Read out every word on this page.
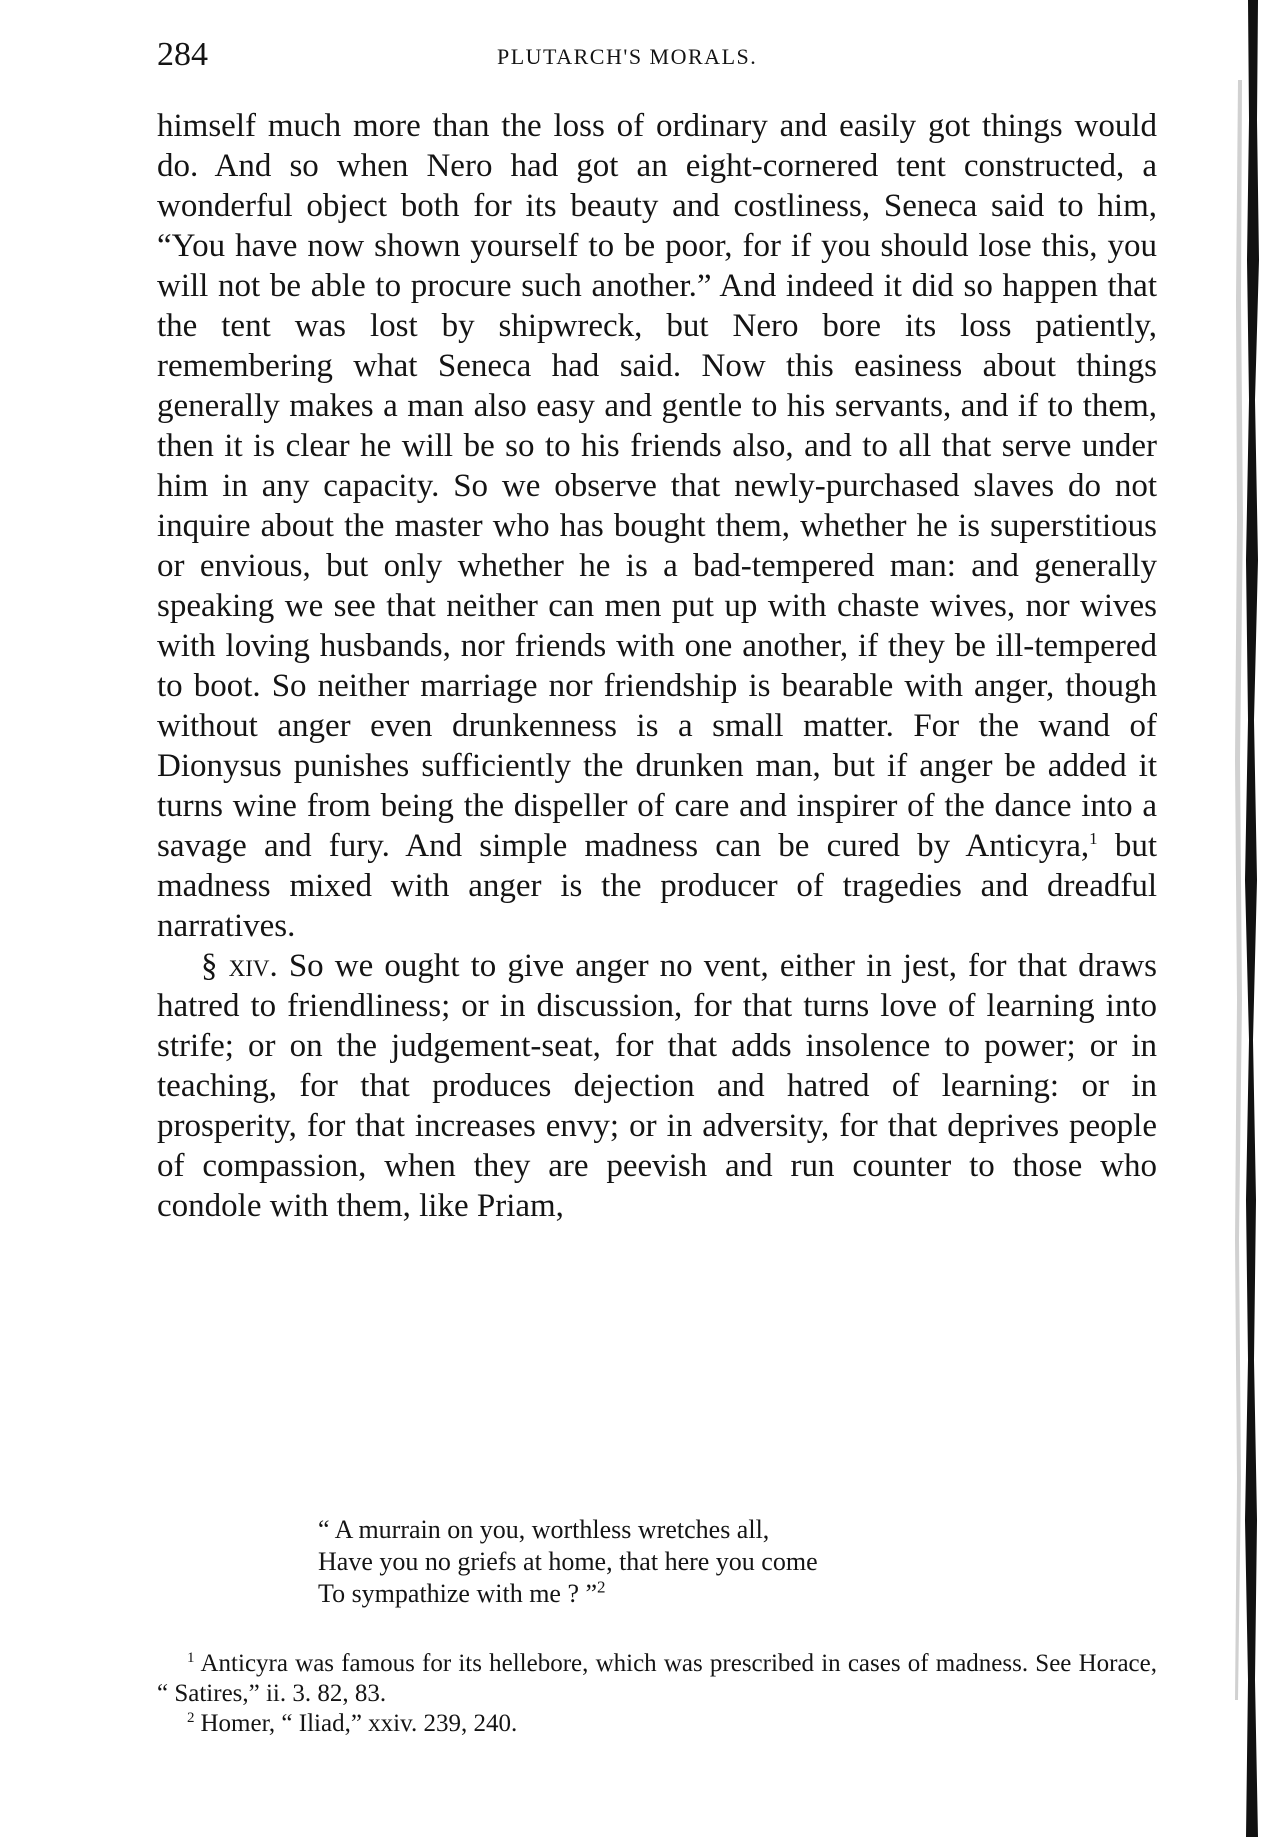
284	PLUTARCH'S MORALS.

himself much more than the loss of ordinary and easily got things would do. And so when Nero had got an eight-cornered tent constructed, a wonderful object both for its beauty and costliness, Seneca said to him, “You have now shown yourself to be poor, for if you should lose this, you will not be able to procure such another.” And indeed it did so happen that the tent was lost by shipwreck, but Nero bore its loss patiently, remembering what Seneca had said. Now this easiness about things generally makes a man also easy and gentle to his servants, and if to them, then it is clear he will be so to his friends also, and to all that serve under him in any capacity. So we observe that newly-purchased slaves do not inquire about the master who has bought them, whether he is superstitious or envious, but only whether he is a bad-tempered man: and generally speaking we see that neither can men put up with chaste wives, nor wives with loving husbands, nor friends with one another, if they be ill-tempered to boot. So neither marriage nor friendship is bearable with anger, though without anger even drunkenness is a small matter. For the wand of Dionysus punishes sufficiently the drunken man, but if anger be added it turns wine from being the dispeller of care and inspirer of the dance into a savage and fury. And simple madness can be cured by Anticyra,$^1$ but madness mixed with anger is the producer of tragedies and dreadful narratives.

§ xiv. So we ought to give anger no vent, either in jest, for that draws hatred to friendliness; or in discussion, for that turns love of learning into strife; or on the judgement-seat, for that adds insolence to power; or in teaching, for that produces dejection and hatred of learning: or in prosperity, for that increases envy; or in adversity, for that deprives people of compassion, when they are peevish and run counter to those who condole with them, like Priam,

“ A murrain on you, worthless wretches all,
Have you no griefs at home, that here you come
To sympathize with me ? ”$^2$

$^1$ Anticyra was famous for its hellebore, which was prescribed in cases of madness. See Horace, “ Satires,” ii. 3. 82, 83.

$^2$ Homer, “ Iliad,” xxiv. 239, 240.
